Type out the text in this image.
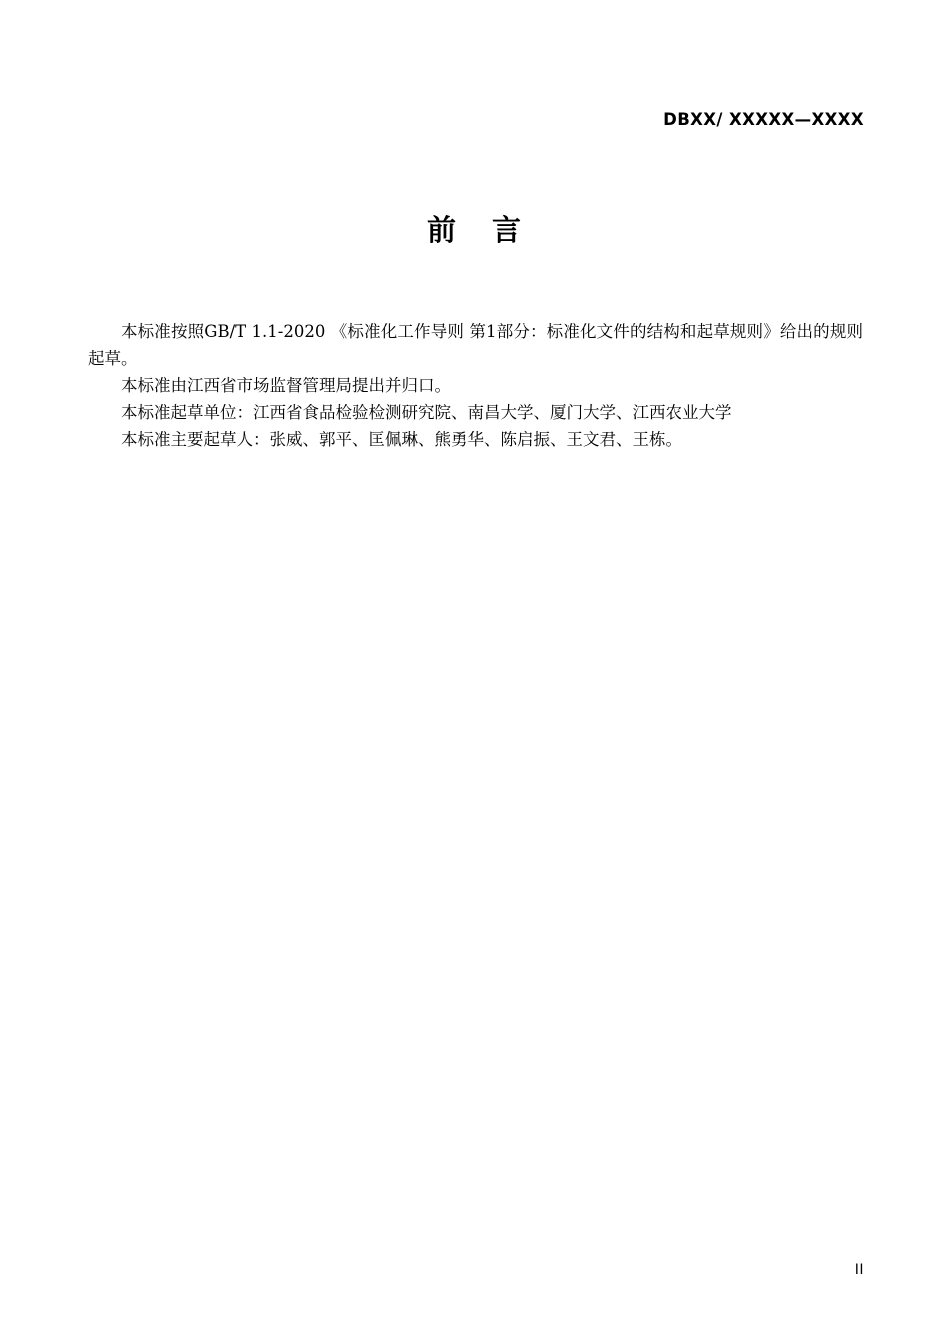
DBXX/ XXXXX—XXXX
前 言

本标准按照GB/T 1.1-2020 《标准化工作导则 第1部分：标准化文件的结构和起草规则》给出的规则起草。

本标准由江西省市场监督管理局提出并归口。

本标准起草单位：江西省食品检验检测研究院、南昌大学、厦门大学、江西农业大学

本标准主要起草人：张威、郭平、匡佩琳、熊勇华、陈启振、王文君、王栋。

II
